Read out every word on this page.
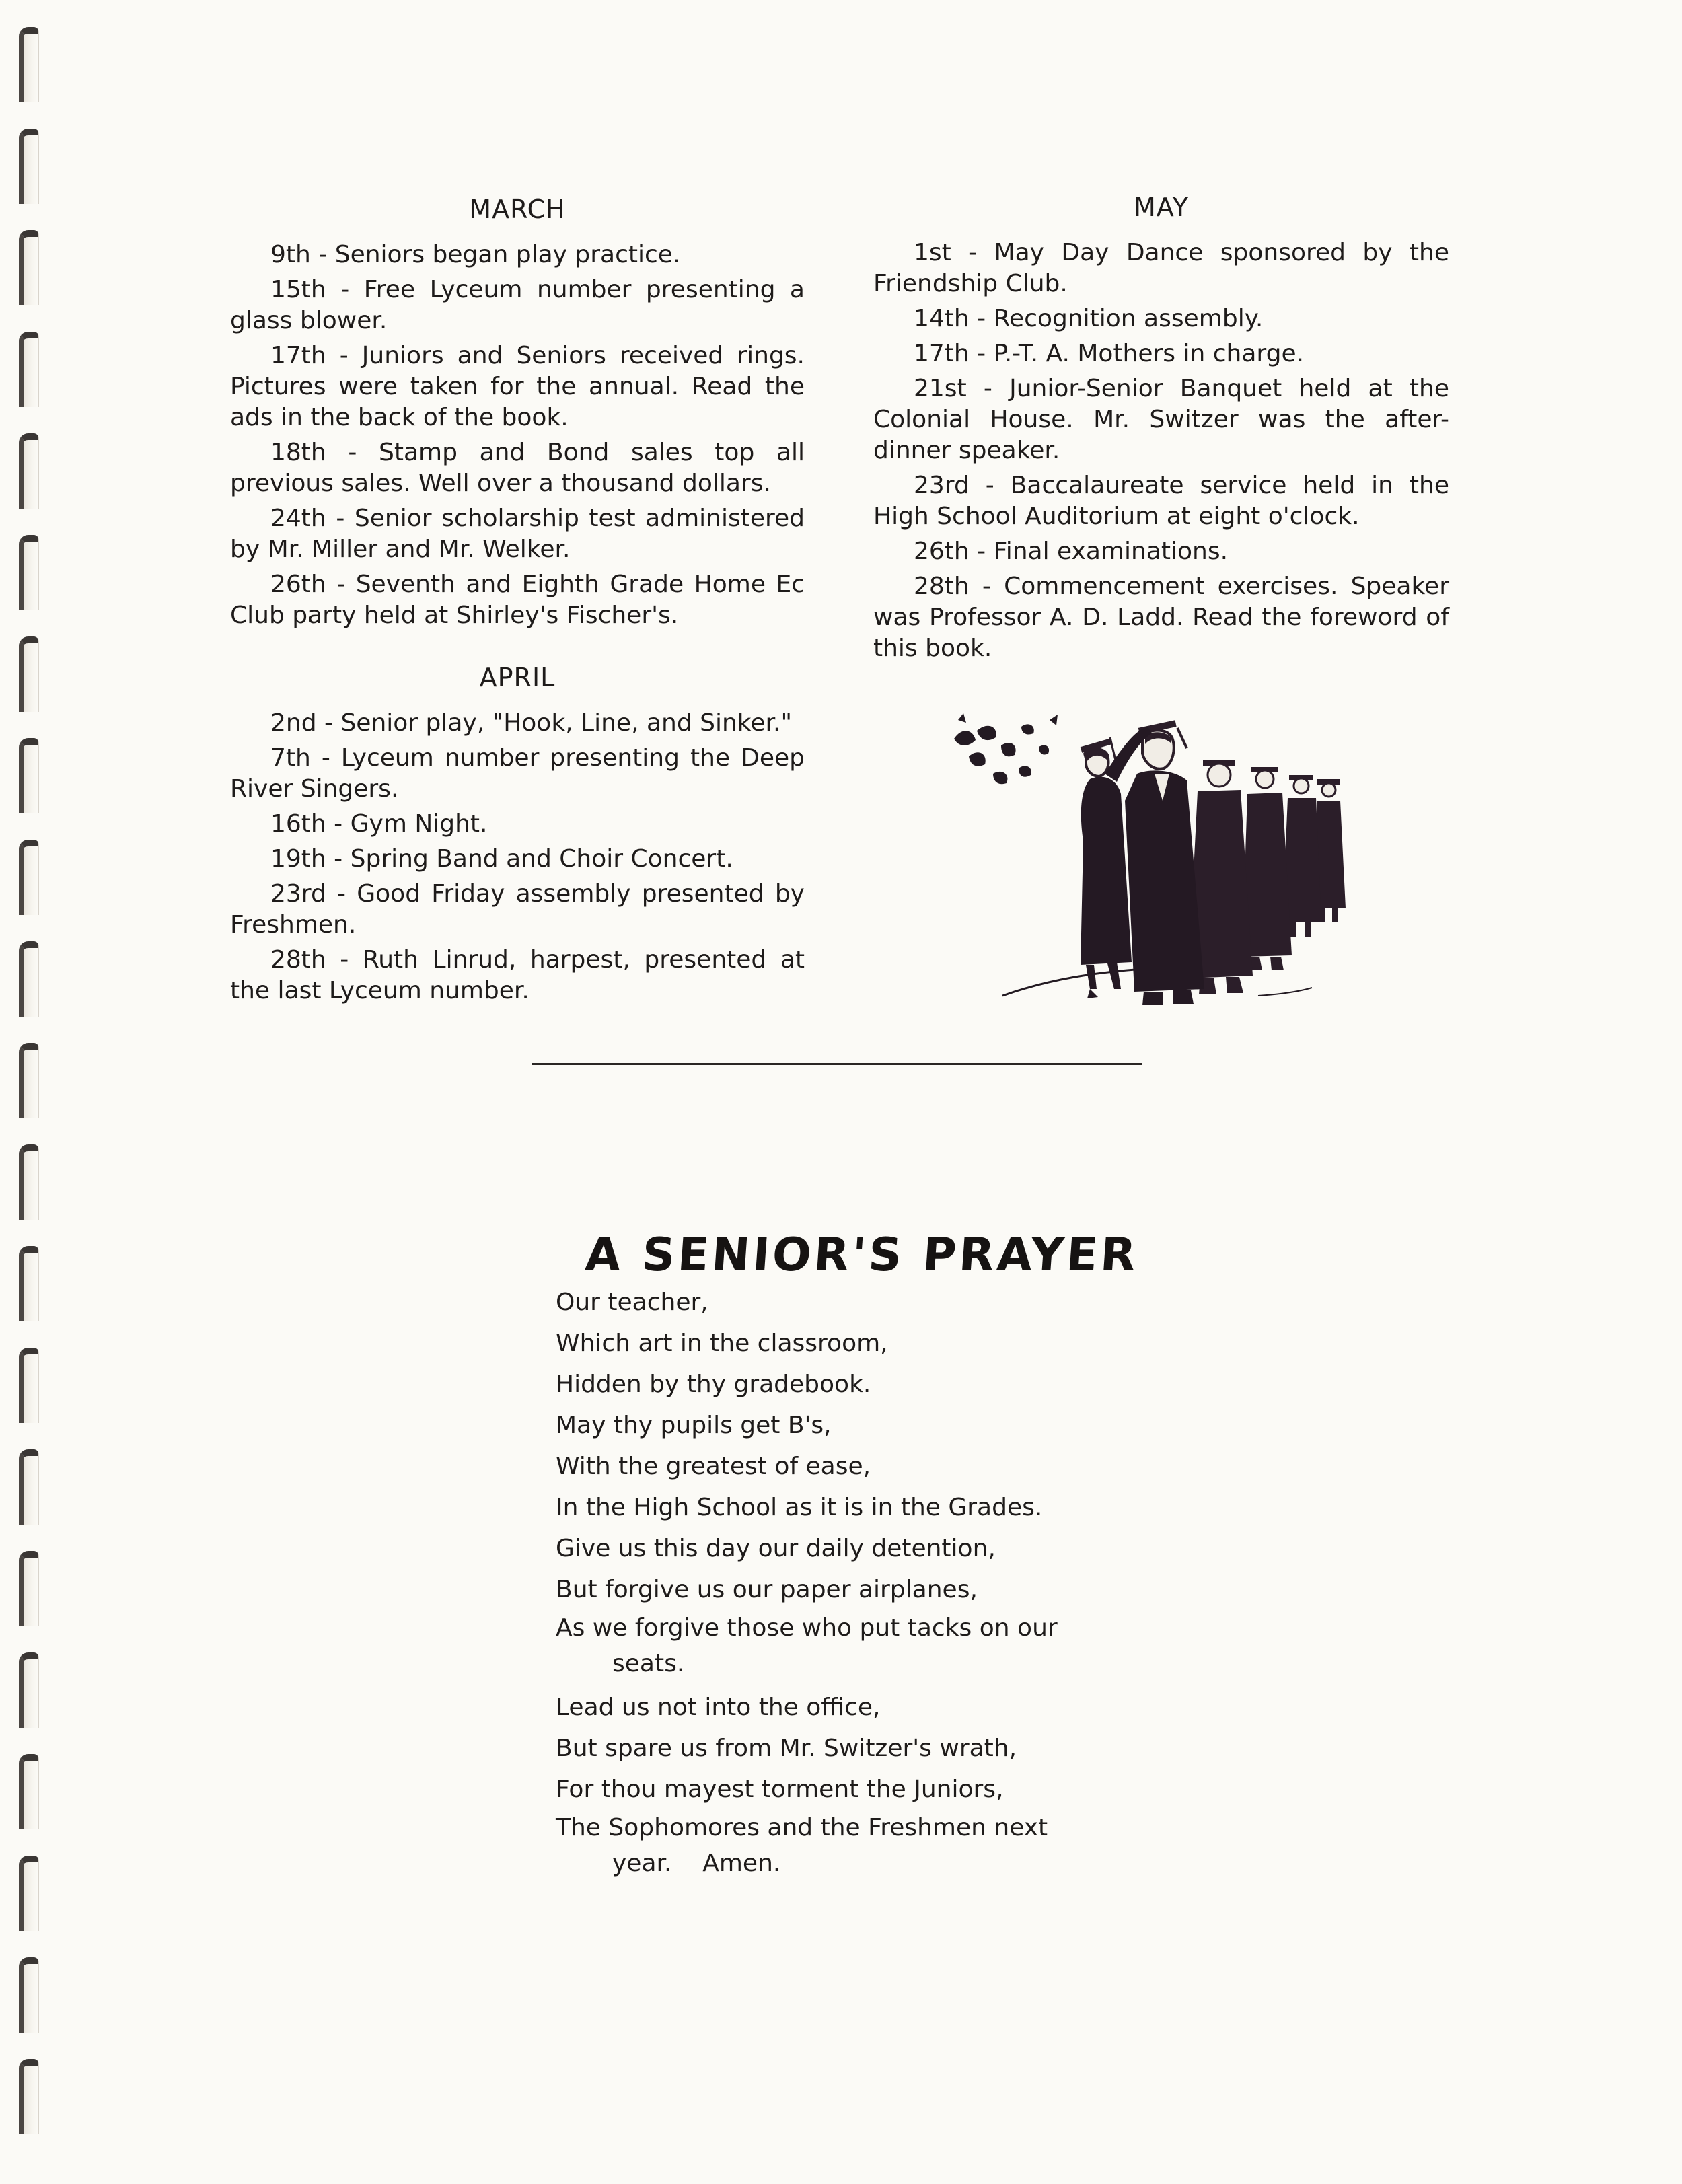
MARCH

9th - Seniors began play practice.

15th - Free Lyceum number presenting a glass blower.

17th - Juniors and Seniors received rings. Pictures were taken for the annual. Read the ads in the back of the book.

18th - Stamp and Bond sales top all previous sales. Well over a thousand dollars.

24th - Senior scholarship test administered by Mr. Miller and Mr. Welker.

26th - Seventh and Eighth Grade Home Ec Club party held at Shirley's Fischer's.

APRIL

2nd - Senior play, "Hook, Line, and Sinker."

7th - Lyceum number presenting the Deep River Singers.

16th - Gym Night.

19th - Spring Band and Choir Concert.

23rd - Good Friday assembly presented by Freshmen.

28th - Ruth Linrud, harpest, presented at the last Lyceum number.

MAY

1st - May Day Dance sponsored by the Friendship Club.

14th - Recognition assembly.

17th - P.-T. A. Mothers in charge.

21st - Junior-Senior Banquet held at the Colonial House. Mr. Switzer was the after-dinner speaker.

23rd - Baccalaureate service held in the High School Auditorium at eight o'clock.

26th - Final examinations.

28th - Commencement exercises. Speaker was Professor A. D. Ladd. Read the foreword of this book.

A SENIOR'S PRAYER

Our teacher,

Which art in the classroom,

Hidden by thy gradebook.

May thy pupils get B's,

With the greatest of ease,

In the High School as it is in the Grades.

Give us this day our daily detention,

But forgive us our paper airplanes,

As we forgive those who put tacks on our
seats.

Lead us not into the office,

But spare us from Mr. Switzer's wrath,

For thou mayest torment the Juniors,

The Sophomores and the Freshmen next
year.    Amen.
